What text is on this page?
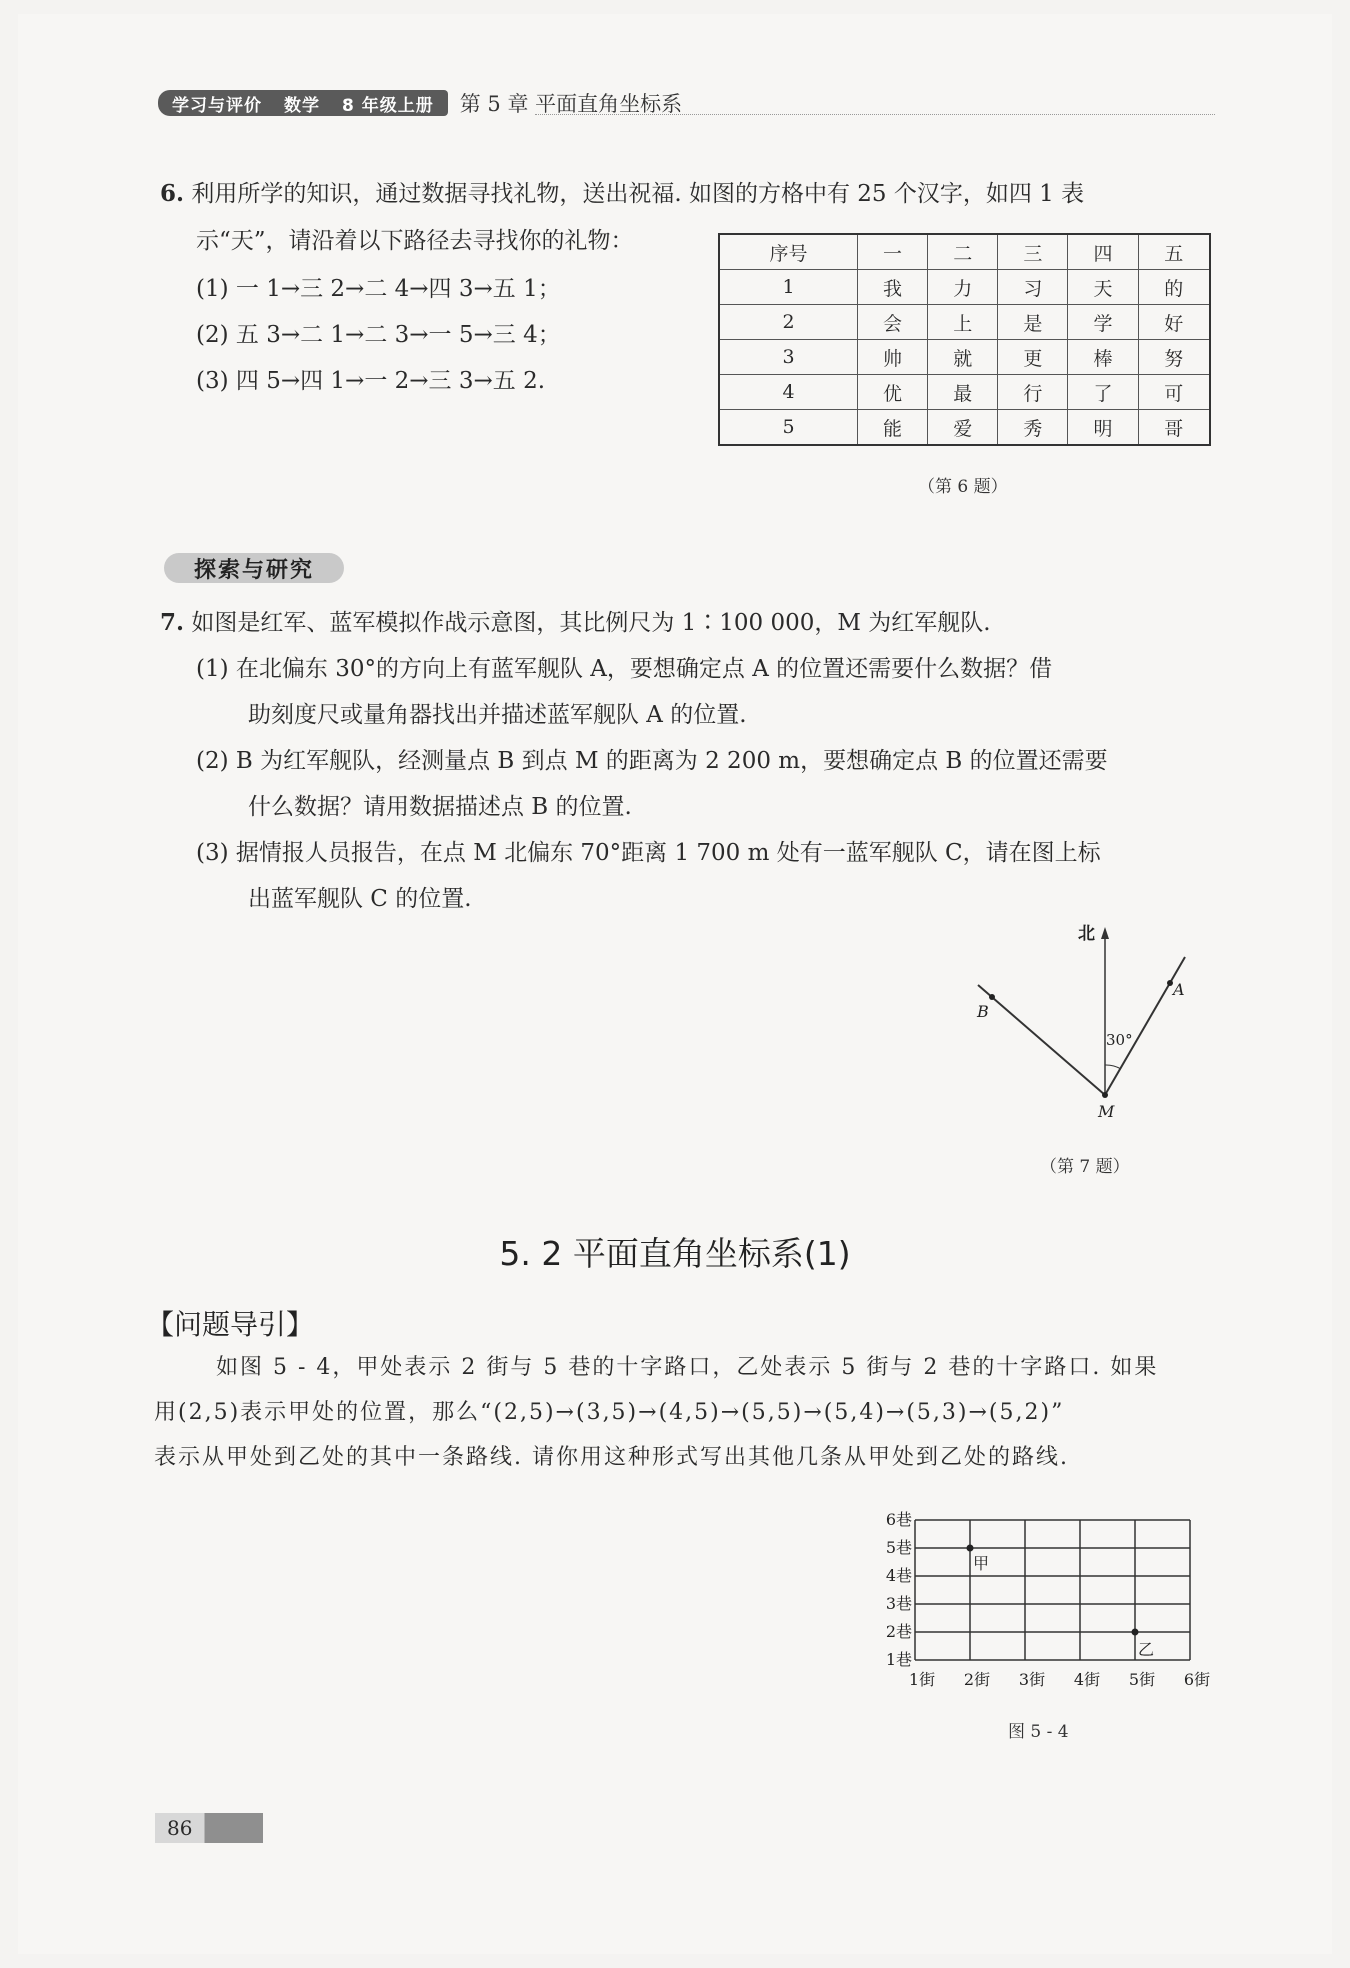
学习与评价 数学 8 年级上册 第 5 章 平面直角坐标系
6. 利用所学的知识，通过数据寻找礼物，送出祝福. 如图的方格中有 25 个汉字，如四 1 表
示“天”，请沿着以下路径去寻找你的礼物：
(1) 一 1→三 2→二 4→四 3→五 1；
(2) 五 3→二 1→二 3→一 5→三 4；
(3) 四 5→四 1→一 2→三 3→五 2.
序号	一	二	三	四	五
1	我	力	习	天	的
2	会	上	是	学	好
3	帅	就	更	棒	努
4	优	最	行	了	可
5	能	爱	秀	明	哥
（第 6 题）
探索与研究
7. 如图是红军、蓝军模拟作战示意图，其比例尺为 1∶100 000，M 为红军舰队.
(1) 在北偏东 30°的方向上有蓝军舰队 A，要想确定点 A 的位置还需要什么数据？借
助刻度尺或量角器找出并描述蓝军舰队 A 的位置.
(2) B 为红军舰队，经测量点 B 到点 M 的距离为 2 200 m，要想确定点 B 的位置还需要
什么数据？请用数据描述点 B 的位置.
(3) 据情报人员报告，在点 M 北偏东 70°距离 1 700 m 处有一蓝军舰队 C，请在图上标
出蓝军舰队 C 的位置.
北
30°
A
B
M
（第 7 题）
5. 2 平面直角坐标系(1)
【问题导引】
如图 5 - 4，甲处表示 2 街与 5 巷的十字路口，乙处表示 5 街与 2 巷的十字路口. 如果
用(2,5)表示甲处的位置，那么“(2,5)→(3,5)→(4,5)→(5,5)→(5,4)→(5,3)→(5,2)”
表示从甲处到乙处的其中一条路线. 请你用这种形式写出其他几条从甲处到乙处的路线.
6巷
5巷
4巷
3巷
2巷
1巷
1街 2街 3街 4街 5街 6街
甲
乙
图 5 - 4
86
